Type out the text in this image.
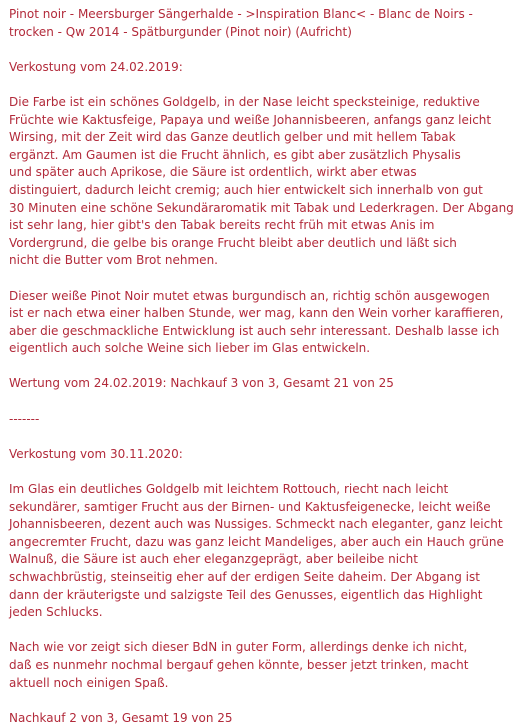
Pinot noir - Meersburger Sängerhalde - >Inspiration Blanc< - Blanc de Noirs - trocken - Qw 2014 - Spätburgunder (Pinot noir) (Aufricht)

Verkostung vom 24.02.2019:

Die Farbe ist ein schönes Goldgelb, in der Nase leicht specksteinige, reduktive
Früchte wie Kaktusfeige, Papaya und weiße Johannisbeeren, anfangs ganz leicht
Wirsing, mit der Zeit wird das Ganze deutlich gelber und mit hellem Tabak
ergänzt. Am Gaumen ist die Frucht ähnlich, es gibt aber zusätzlich Physalis
und später auch Aprikose, die Säure ist ordentlich, wirkt aber etwas
distinguiert, dadurch leicht cremig; auch hier entwickelt sich innerhalb von gut
30 Minuten eine schöne Sekundäraromatik mit Tabak und Lederkragen. Der Abgang
ist sehr lang, hier gibt's den Tabak bereits recht früh mit etwas Anis im
Vordergrund, die gelbe bis orange Frucht bleibt aber deutlich und läßt sich
nicht die Butter vom Brot nehmen.

Dieser weiße Pinot Noir mutet etwas burgundisch an, richtig schön ausgewogen
ist er nach etwa einer halben Stunde, wer mag, kann den Wein vorher karaffieren,
aber die geschmackliche Entwicklung ist auch sehr interessant. Deshalb lasse ich
eigentlich auch solche Weine sich lieber im Glas entwickeln.

Wertung vom 24.02.2019: Nachkauf 3 von 3, Gesamt 21 von 25

-------

Verkostung vom 30.11.2020:

Im Glas ein deutliches Goldgelb mit leichtem Rottouch, riecht nach leicht
sekundärer, samtiger Frucht aus der Birnen- und Kaktusfeigenecke, leicht weiße
Johannisbeeren, dezent auch was Nussiges. Schmeckt nach eleganter, ganz leicht
angecremter Frucht, dazu was ganz leicht Mandeliges, aber auch ein Hauch grüne
Walnuß, die Säure ist auch eher eleganzgeprägt, aber beileibe nicht
schwachbrüstig, steinseitig eher auf der erdigen Seite daheim. Der Abgang ist
dann der kräuterigste und salzigste Teil des Genusses, eigentlich das Highlight
jeden Schlucks.

Nach wie vor zeigt sich dieser BdN in guter Form, allerdings denke ich nicht,
daß es nunmehr nochmal bergauf gehen könnte, besser jetzt trinken, macht
aktuell noch einigen Spaß.

Nachkauf 2 von 3, Gesamt 19 von 25
